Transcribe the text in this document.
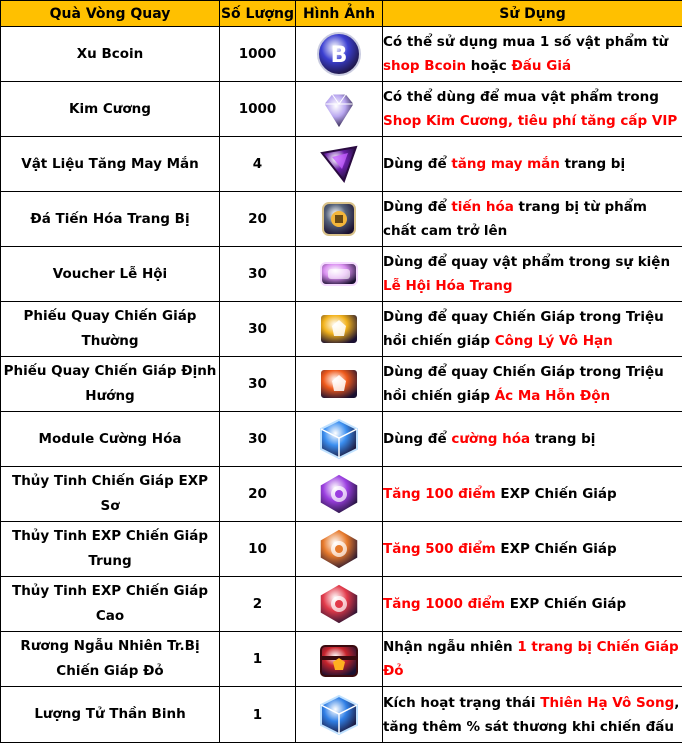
Quà Vòng Quay	Số Lượng	Hình Ảnh	Sử Dụng
Xu Bcoin	1000	B	Có thể sử dụng mua 1 số vật phẩm từ shop Bcoin hoặc Đấu Giá
Kim Cương	1000		Có thể dùng để mua vật phẩm trong Shop Kim Cương, tiêu phí tăng cấp VIP
Vật Liệu Tăng May Mắn	4		Dùng để tăng may mắn trang bị
Đá Tiến Hóa Trang Bị	20		Dùng để tiến hóa trang bị từ phẩm chất cam trở lên
Voucher Lễ Hội	30		Dùng để quay vật phẩm trong sự kiện Lễ Hội Hóa Trang
Phiếu Quay Chiến Giáp Thường	30		Dùng để quay Chiến Giáp trong Triệu hồi chiến giáp Công Lý Vô Hạn
Phiếu Quay Chiến Giáp Định Hướng	30		Dùng để quay Chiến Giáp trong Triệu hồi chiến giáp Ác Ma Hỗn Độn
Module Cường Hóa	30		Dùng để cường hóa trang bị
Thủy Tinh Chiến Giáp EXP Sơ	20		Tăng 100 điểm EXP Chiến Giáp
Thủy Tinh EXP Chiến Giáp Trung	10		Tăng 500 điểm EXP Chiến Giáp
Thủy Tinh EXP Chiến Giáp Cao	2		Tăng 1000 điểm EXP Chiến Giáp
Rương Ngẫu Nhiên Tr.Bị Chiến Giáp Đỏ	1		Nhận ngẫu nhiên 1 trang bị Chiến Giáp Đỏ
Lượng Tử Thần Binh	1		Kích hoạt trạng thái Thiên Hạ Vô Song, tăng thêm % sát thương khi chiến đấu
